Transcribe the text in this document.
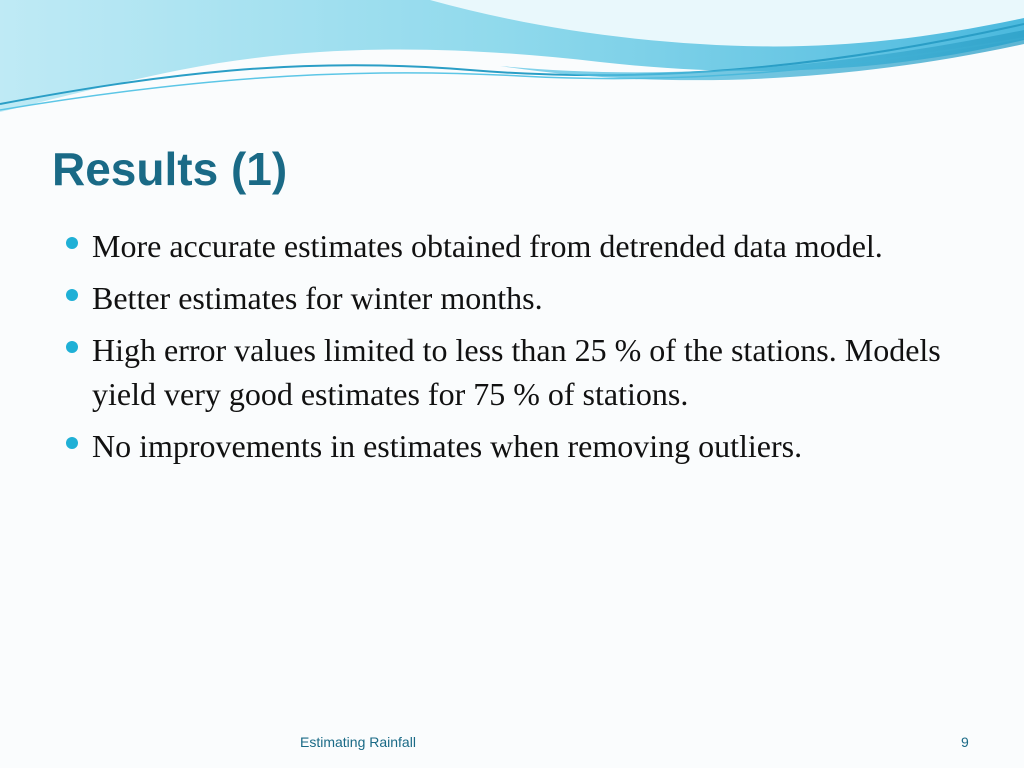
Results (1)
More accurate estimates obtained from detrended data model.
Better estimates for winter months.
High error values limited to less than 25 % of the stations. Models yield very good estimates for 75 % of stations.
No improvements in estimates when removing outliers.
Estimating Rainfall	9
